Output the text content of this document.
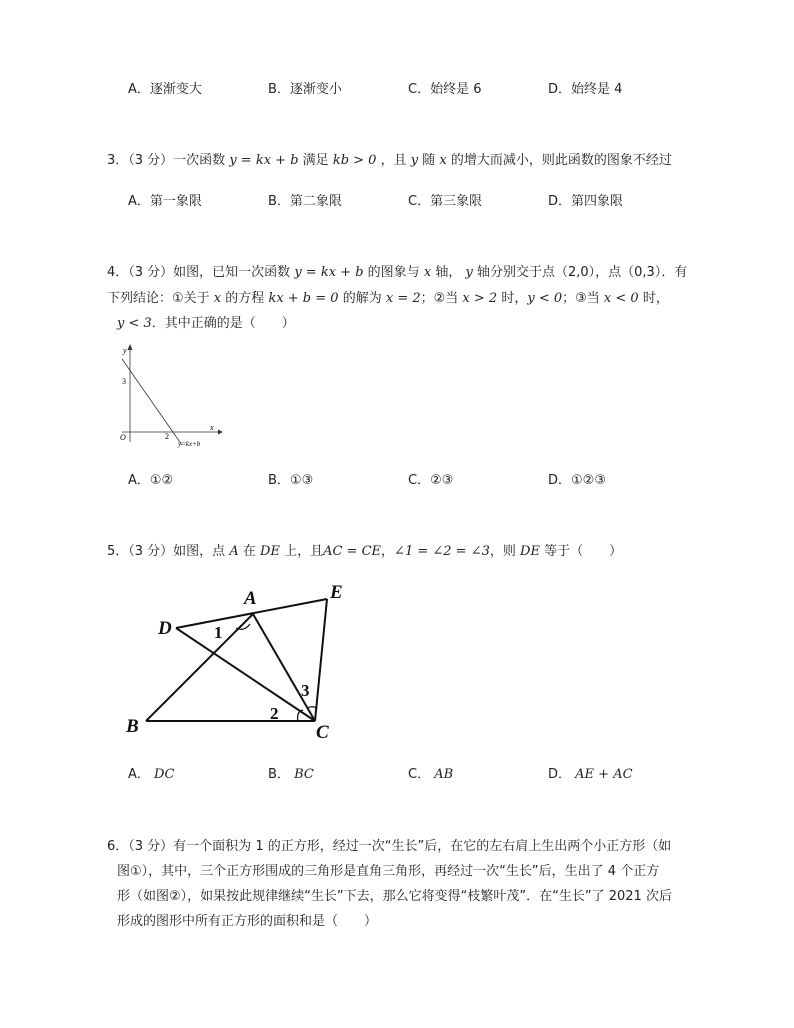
A．逐渐变大	B．逐渐变小	C．始终是 6	D．始终是 4
3．（3 分）一次函数 y = kx + b 满足 kb > 0 ，且 y 随 x 的增大而减小，则此函数的图象不经过
A．第一象限	B．第二象限	C．第三象限	D．第四象限
4．（3 分）如图，已知一次函数 y = kx + b 的图象与 x 轴， y 轴分别交于点（2,0），点（0,3）．有
下列结论：①关于 x 的方程 kx + b = 0 的解为 x = 2；②当 x > 2 时，y < 0；③当 x < 0 时，
y < 3．其中正确的是（　　）
y
x
O	2
3
y=kx+b
A．①②	B．①③	C．②③	D．①②③
5．（3 分）如图，点 A 在 DE 上，且AC = CE，∠1 = ∠2 = ∠3，则 DE 等于（　　）
D
A	E
B	C
1
2
3
A． DC	B． BC	C． AB	D． AE + AC
6．（3 分）有一个面积为 1 的正方形，经过一次“生长”后，在它的左右肩上生出两个小正方形（如
图①），其中，三个正方形围成的三角形是直角三角形，再经过一次“生长”后，生出了 4 个正方
形（如图②），如果按此规律继续“生长”下去，那么它将变得“枝繁叶茂”．在“生长”了 2021 次后
形成的图形中所有正方形的面积和是（　　）
